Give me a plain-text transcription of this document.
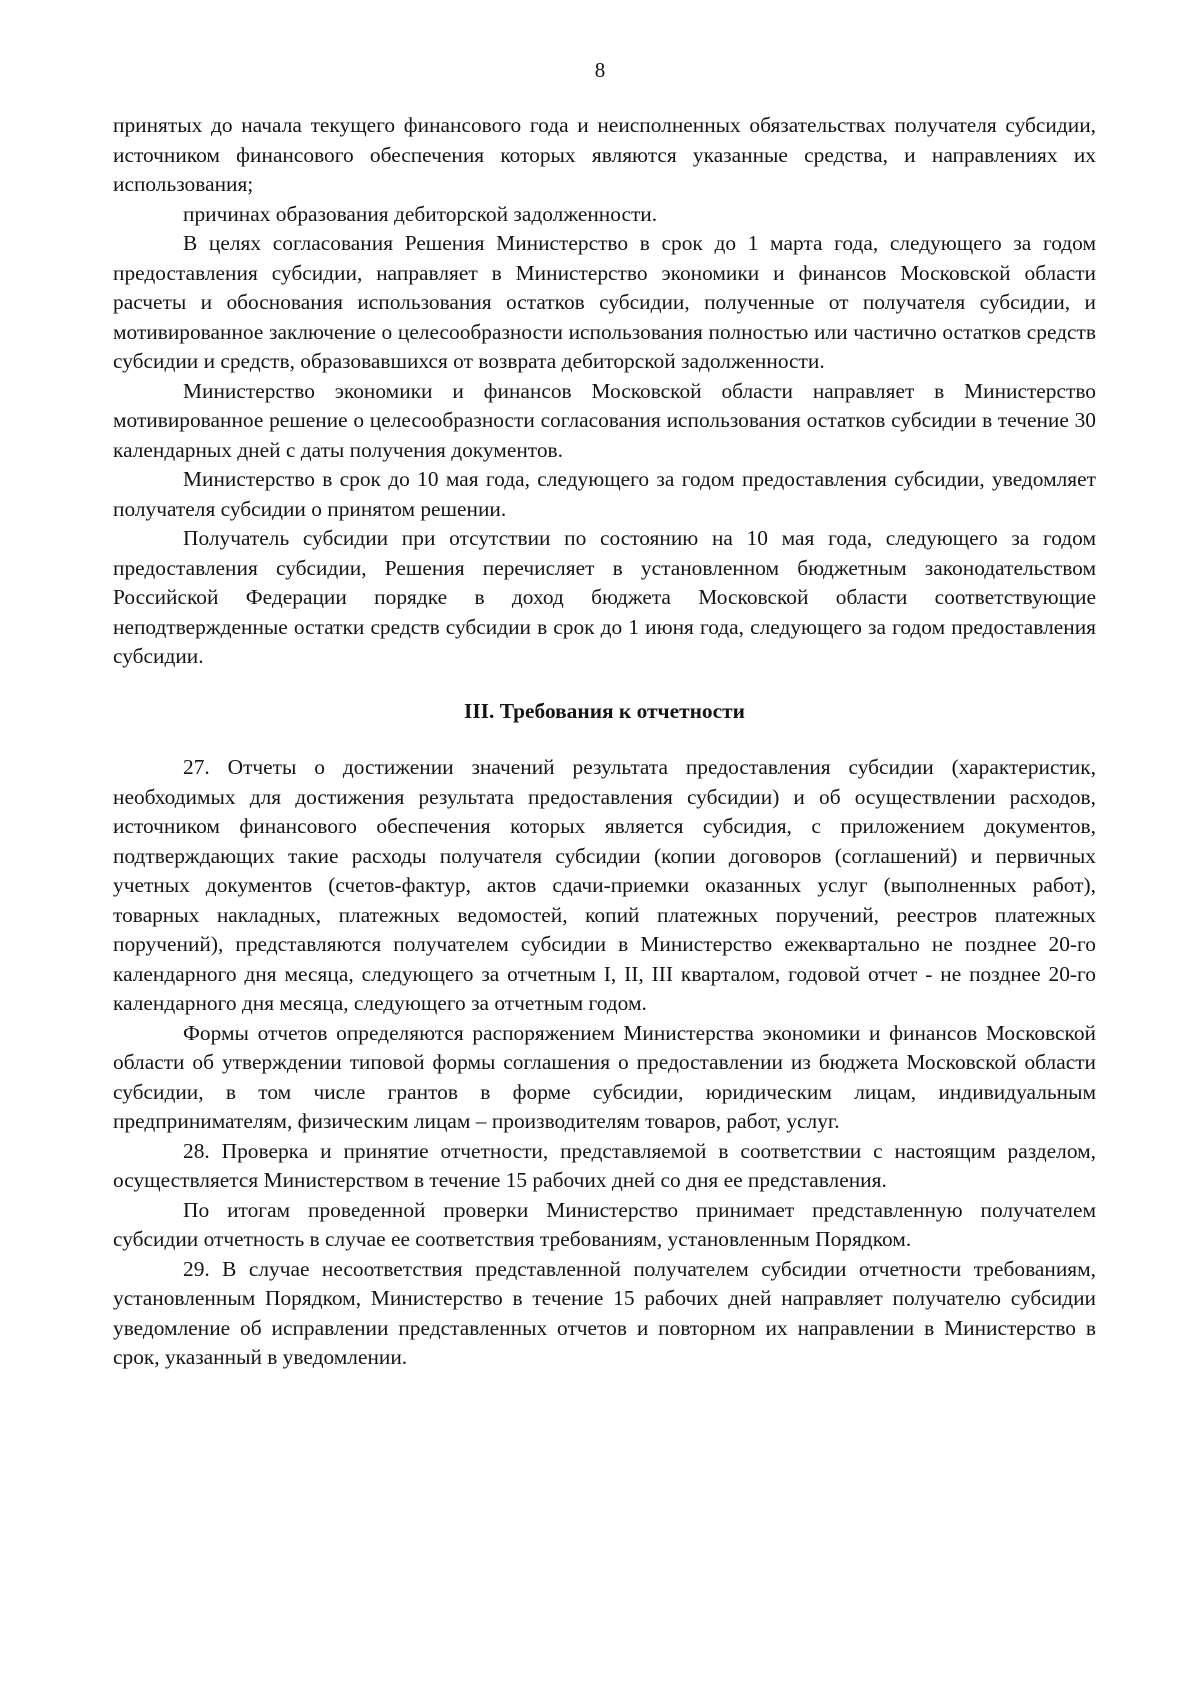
8

принятых до начала текущего финансового года и неисполненных обязательствах получателя субсидии, источником финансового обеспечения которых являются указанные средства, и направлениях их использования;

причинах образования дебиторской задолженности.

В целях согласования Решения Министерство в срок до 1 марта года, следующего за годом предоставления субсидии, направляет в Министерство экономики и финансов Московской области расчеты и обоснования использования остатков субсидии, полученные от получателя субсидии, и мотивированное заключение о целесообразности использования полностью или частично остатков средств субсидии и средств, образовавшихся от возврата дебиторской задолженности.

Министерство экономики и финансов Московской области направляет в Министерство мотивированное решение о целесообразности согласования использования остатков субсидии в течение 30 календарных дней с даты получения документов.

Министерство в срок до 10 мая года, следующего за годом предоставления субсидии, уведомляет получателя субсидии о принятом решении.

Получатель субсидии при отсутствии по состоянию на 10 мая года, следующего за годом предоставления субсидии, Решения перечисляет в установленном бюджетным законодательством Российской Федерации порядке в доход бюджета Московской области соответствующие неподтвержденные остатки средств субсидии в срок до 1 июня года, следующего за годом предоставления субсидии.

III. Требования к отчетности

27. Отчеты о достижении значений результата предоставления субсидии (характеристик, необходимых для достижения результата предоставления субсидии) и об осуществлении расходов, источником финансового обеспечения которых является субсидия, с приложением документов, подтверждающих такие расходы получателя субсидии (копии договоров (соглашений) и первичных учетных документов (счетов-фактур, актов сдачи-приемки оказанных услуг (выполненных работ), товарных накладных, платежных ведомостей, копий платежных поручений, реестров платежных поручений), представляются получателем субсидии в Министерство ежеквартально не позднее 20-го календарного дня месяца, следующего за отчетным I, II, III кварталом, годовой отчет - не позднее 20-го календарного дня месяца, следующего за отчетным годом.

Формы отчетов определяются распоряжением Министерства экономики и финансов Московской области об утверждении типовой формы соглашения о предоставлении из бюджета Московской области субсидии, в том числе грантов в форме субсидии, юридическим лицам, индивидуальным предпринимателям, физическим лицам – производителям товаров, работ, услуг.

28. Проверка и принятие отчетности, представляемой в соответствии с настоящим разделом, осуществляется Министерством в течение 15 рабочих дней со дня ее представления.

По итогам проведенной проверки Министерство принимает представленную получателем субсидии отчетность в случае ее соответствия требованиям, установленным Порядком.

29. В случае несоответствия представленной получателем субсидии отчетности требованиям, установленным Порядком, Министерство в течение 15 рабочих дней направляет получателю субсидии уведомление об исправлении представленных отчетов и повторном их направлении в Министерство в срок, указанный в уведомлении.
